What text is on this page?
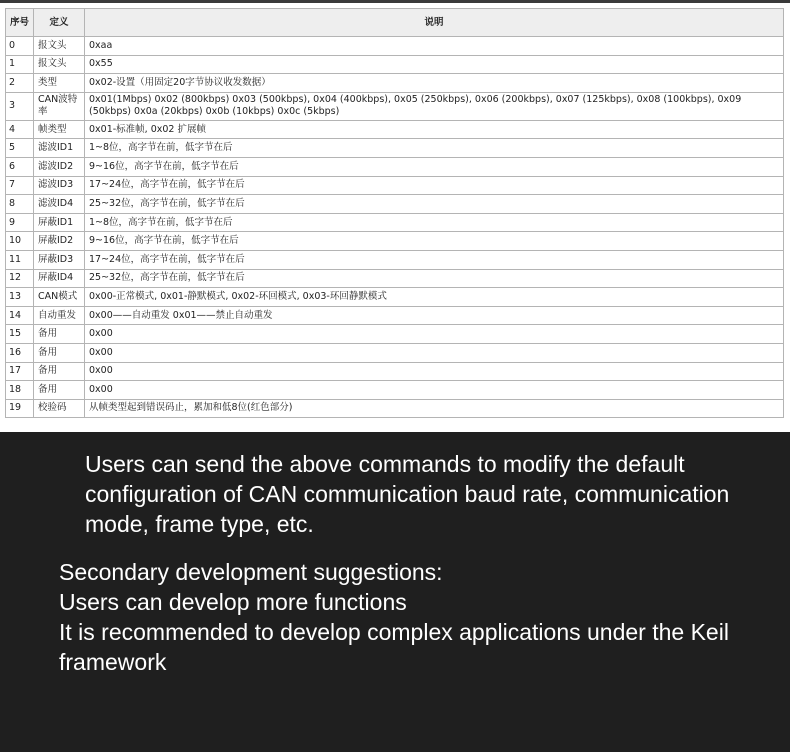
序号	定义	说明
0	报文头	0xaa
1	报文头	0x55
2	类型	0x02-设置（用固定20字节协议收发数据）
3	CAN波特率	0x01(1Mbps) 0x02 (800kbps) 0x03 (500kbps), 0x04 (400kbps), 0x05 (250kbps), 0x06 (200kbps), 0x07 (125kbps), 0x08 (100kbps), 0x09 (50kbps) 0x0a (20kbps) 0x0b (10kbps) 0x0c (5kbps)
4	帧类型	0x01-标准帧, 0x02 扩展帧
5	滤波ID1	1~8位，高字节在前，低字节在后
6	滤波ID2	9~16位，高字节在前，低字节在后
7	滤波ID3	17~24位，高字节在前，低字节在后
8	滤波ID4	25~32位，高字节在前，低字节在后
9	屏蔽ID1	1~8位，高字节在前，低字节在后
10	屏蔽ID2	9~16位，高字节在前，低字节在后
11	屏蔽ID3	17~24位，高字节在前，低字节在后
12	屏蔽ID4	25~32位，高字节在前，低字节在后
13	CAN模式	0x00-正常模式, 0x01-静默模式, 0x02-环回模式, 0x03-环回静默模式
14	自动重发	0x00——自动重发 0x01——禁止自动重发
15	备用	0x00
16	备用	0x00
17	备用	0x00
18	备用	0x00
19	校验码	从帧类型起到错误码止，累加和低8位(红色部分)

Users can send the above commands to modify the default configuration of CAN communication baud rate, communication mode, frame type, etc.

Secondary development suggestions:
Users can develop more functions
It is recommended to develop complex applications under the Keil framework
